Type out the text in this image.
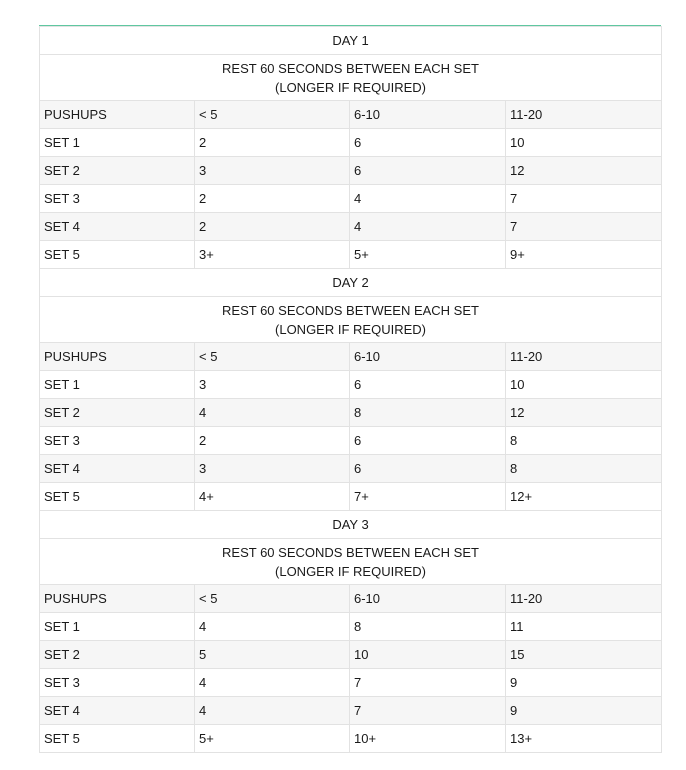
DAY 1			

REST 60 SECONDS BETWEEN EACH SET
(LONGER IF REQUIRED)			

PUSHUPS	< 5	6-10	11-20
SET 1	2	6	10
SET 2	3	6	12
SET 3	2	4	7
SET 4	2	4	7
SET 5	3+	5+	9+
DAY 2			

REST 60 SECONDS BETWEEN EACH SET
(LONGER IF REQUIRED)			

PUSHUPS	< 5	6-10	11-20
SET 1	3	6	10
SET 2	4	8	12
SET 3	2	6	8
SET 4	3	6	8
SET 5	4+	7+	12+
DAY 3			

REST 60 SECONDS BETWEEN EACH SET
(LONGER IF REQUIRED)			

PUSHUPS	< 5	6-10	11-20
SET 1	4	8	11
SET 2	5	10	15
SET 3	4	7	9
SET 4	4	7	9
SET 5	5+	10+	13+
